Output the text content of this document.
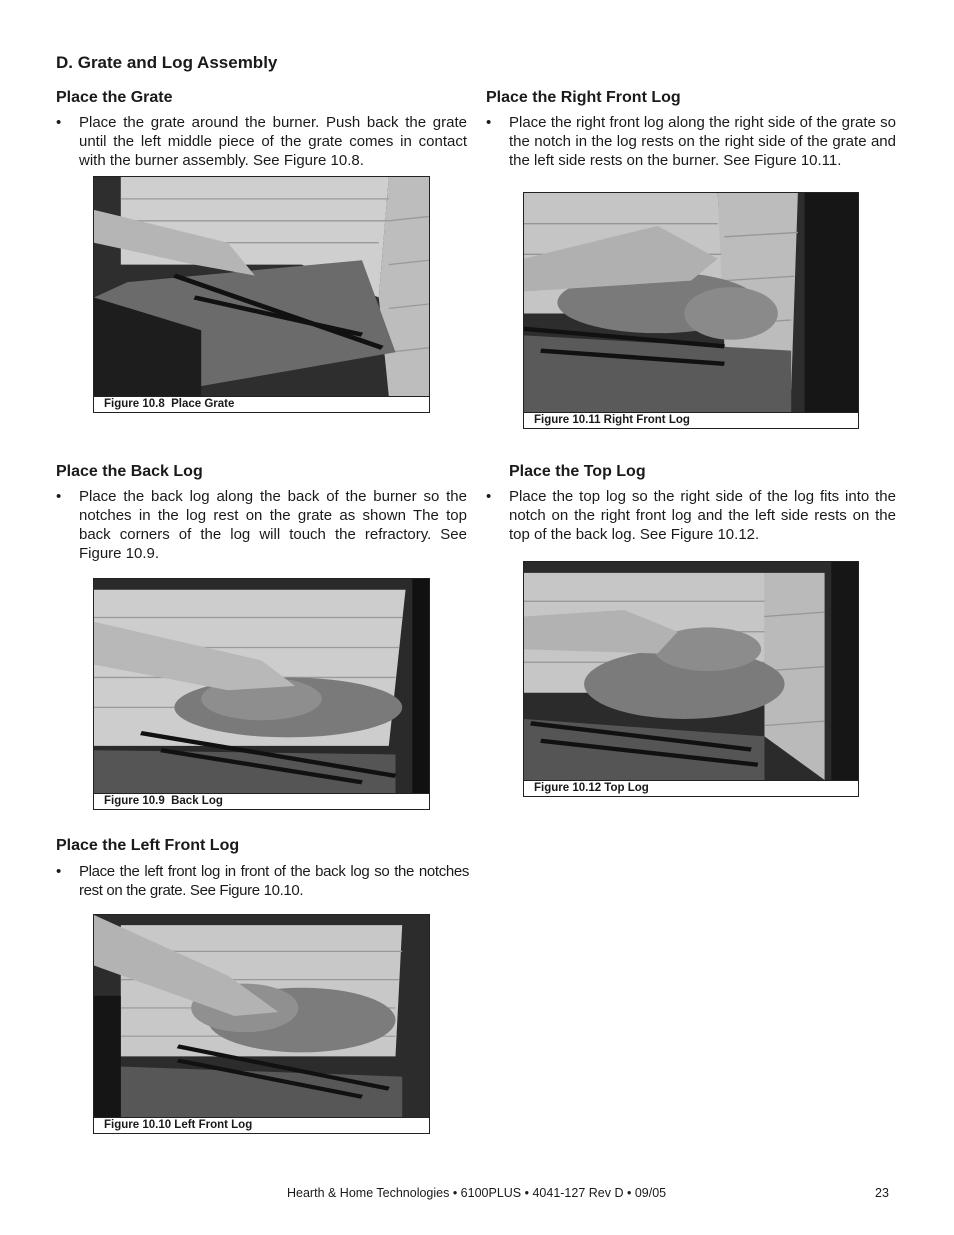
D. Grate and Log Assembly
Place the Grate
• Place the grate around the burner. Push back the grate until the left middle piece of the grate comes in contact with the burner assembly. See Figure 10.8.
Figure 10.8  Place Grate
Place the Back Log
• Place the back log along the back of the burner so the notches in the log rest on the grate as shown The top back corners of the log will touch the refractory. See Figure 10.9.
Figure 10.9  Back Log
Place the Left Front Log
• Place the left front log in front of the back log so the notches rest on the grate. See Figure 10.10.
Figure 10.10 Left Front Log
Place the Right Front Log
• Place the right front log along the right side of the grate so the notch in the log rests on the right side of the grate and the left side rests on the burner. See Figure 10.11.
Figure 10.11 Right Front Log
Place the Top Log
• Place the top log so the right side of the log fits into the notch on the right front log and the left side rests on the top of the back log. See Figure 10.12.
Figure 10.12 Top Log
Hearth & Home Technologies • 6100PLUS • 4041-127 Rev D • 09/05	23
